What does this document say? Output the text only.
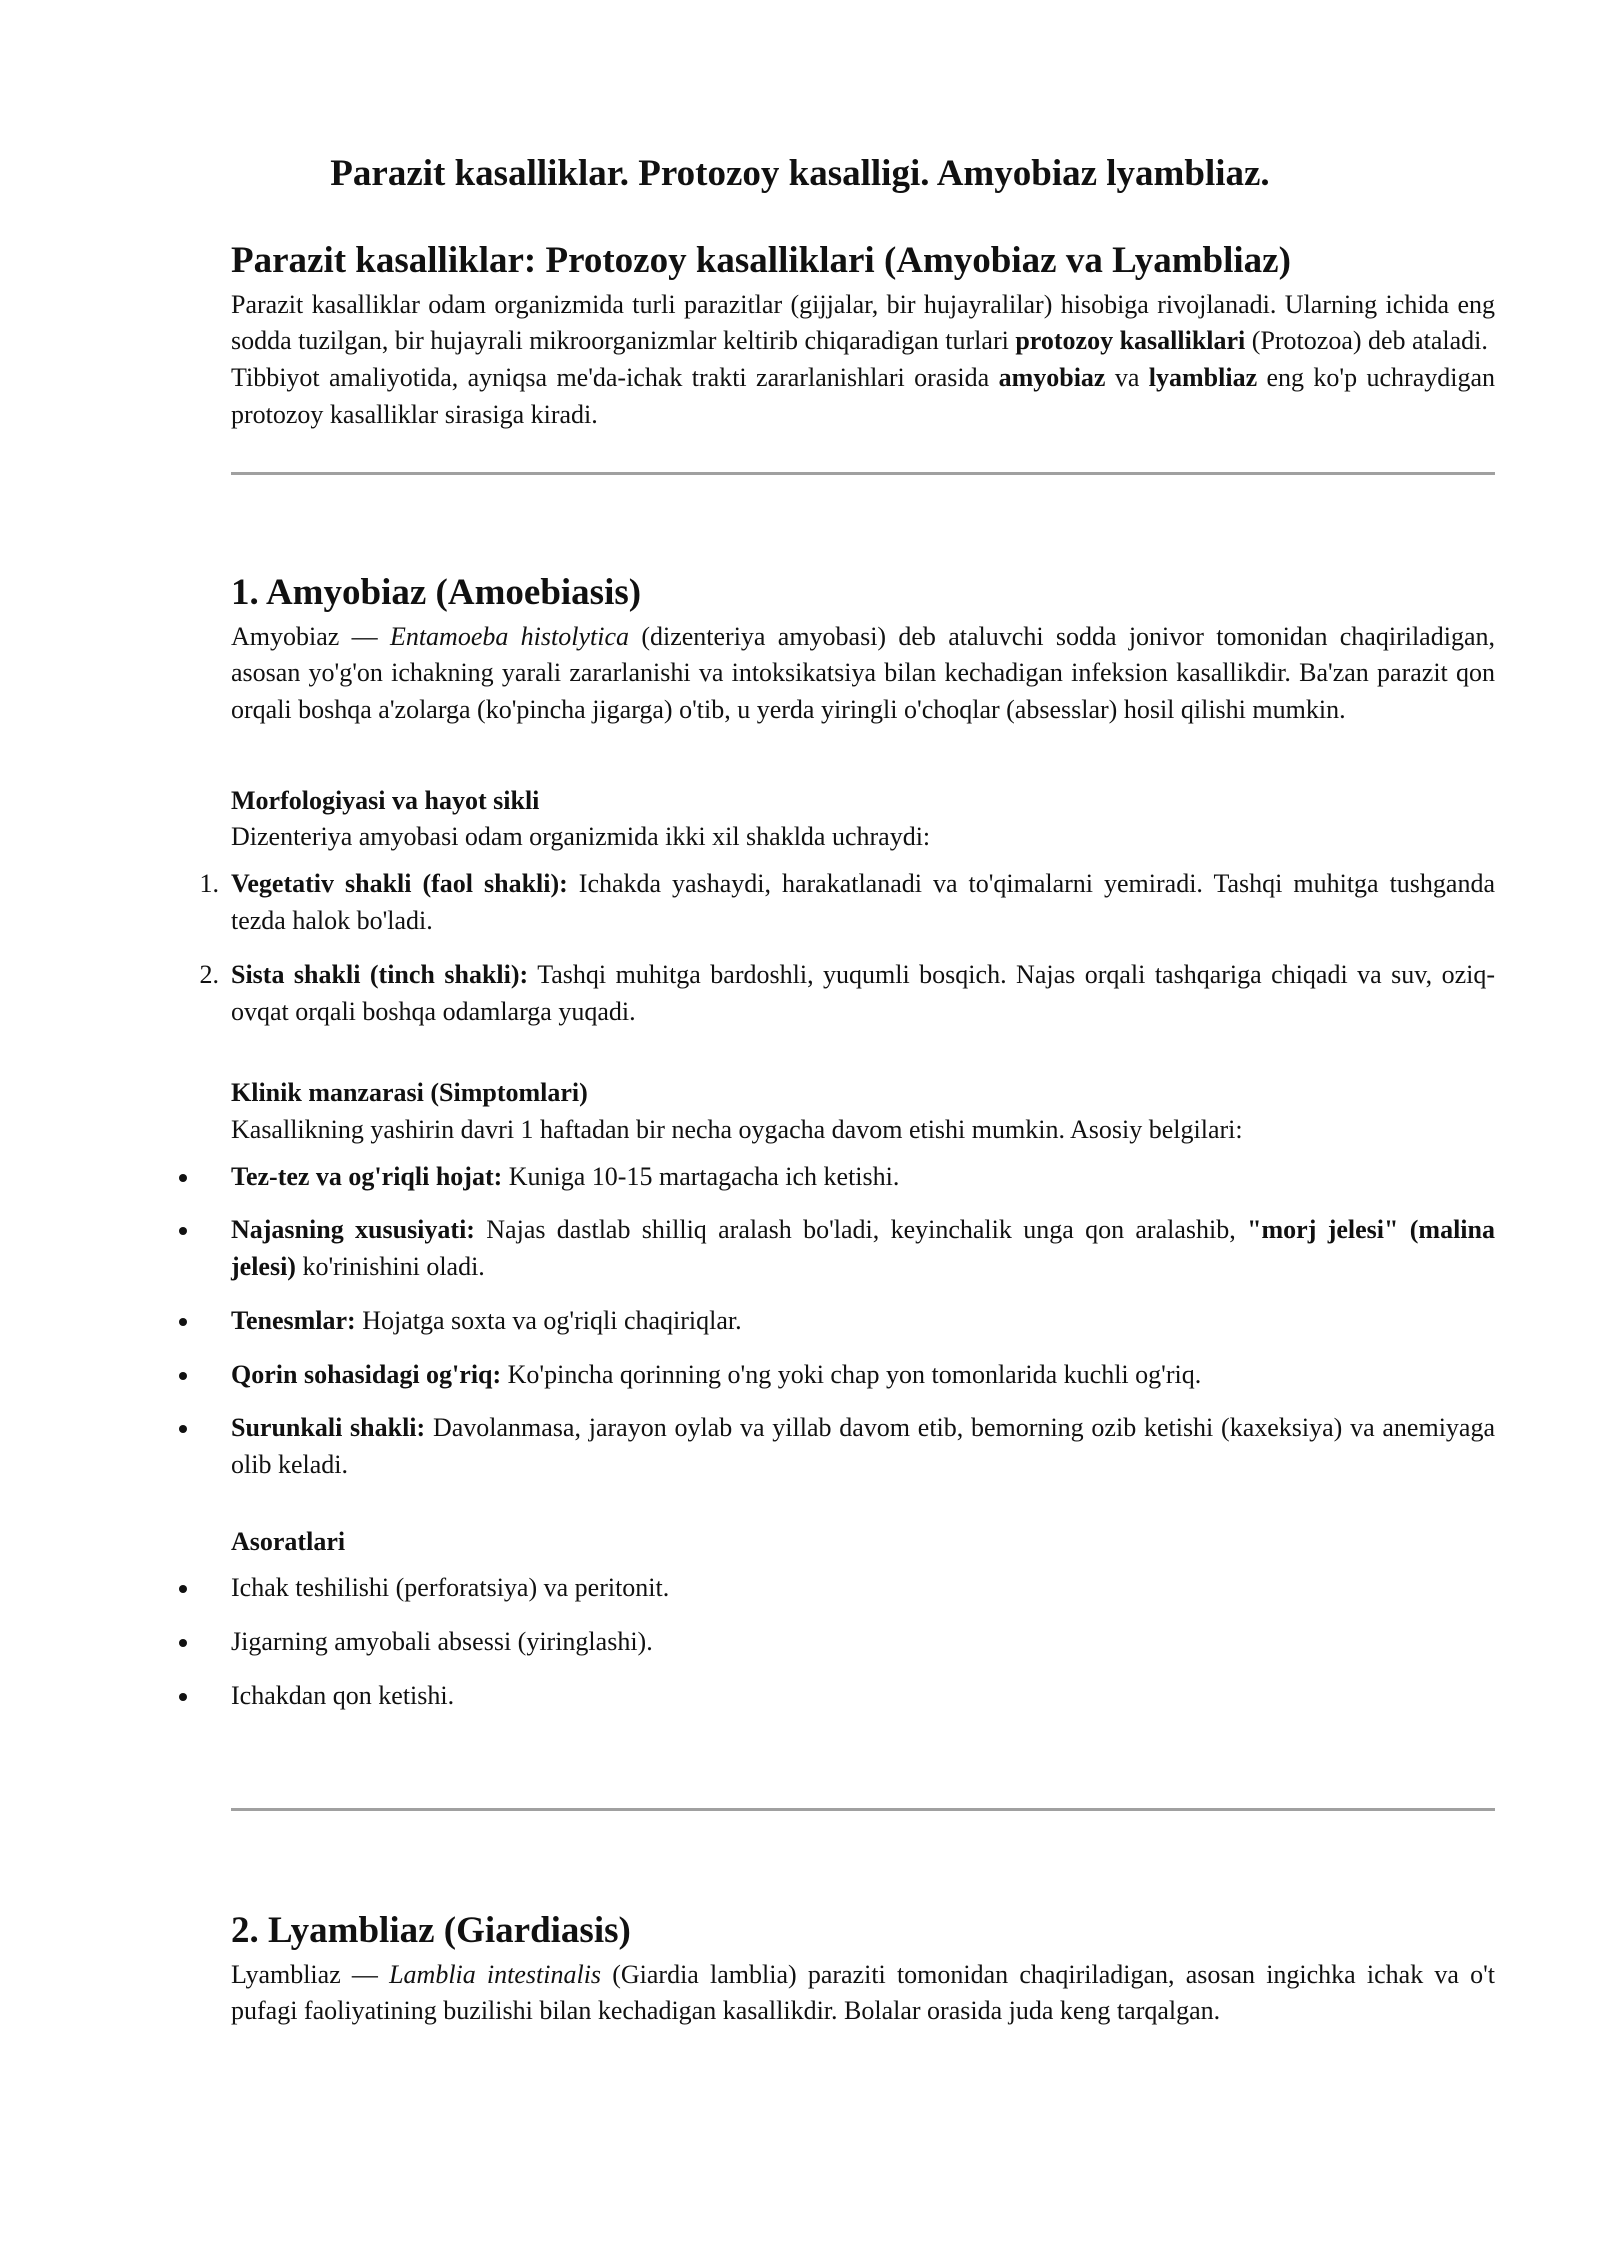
Parazit kasalliklar. Protozoy kasalligi. Amyobiaz lyambliaz.
Parazit kasalliklar: Protozoy kasalliklari (Amyobiaz va Lyambliaz)

Parazit kasalliklar odam organizmida turli parazitlar (gijjalar, bir hujayralilar) hisobiga rivojlanadi. Ularning ichida eng sodda tuzilgan, bir hujayrali mikroorganizmlar keltirib chiqaradigan turlari protozoy kasalliklari (Protozoa) deb ataladi.

Tibbiyot amaliyotida, ayniqsa me'da-ichak trakti zararlanishlari orasida amyobiaz va lyambliaz eng ko'p uchraydigan protozoy kasalliklar sirasiga kiradi.

1. Amyobiaz (Amoebiasis)

Amyobiaz — Entamoeba histolytica (dizenteriya amyobasi) deb ataluvchi sodda jonivor tomonidan chaqiriladigan, asosan yo'g'on ichakning yarali zararlanishi va intoksikatsiya bilan kechadigan infeksion kasallikdir. Ba'zan parazit qon orqali boshqa a'zolarga (ko'pincha jigarga) o'tib, u yerda yiringli o'choqlar (absesslar) hosil qilishi mumkin.

Morfologiyasi va hayot sikli

Dizenteriya amyobasi odam organizmida ikki xil shaklda uchraydi:

1. Vegetativ shakli (faol shakli): Ichakda yashaydi, harakatlanadi va to'qimalarni yemiradi. Tashqi muhitga tushganda tezda halok bo'ladi.
2. Sista shakli (tinch shakli): Tashqi muhitga bardoshli, yuqumli bosqich. Najas orqali tashqariga chiqadi va suv, oziq-ovqat orqali boshqa odamlarga yuqadi.
Klinik manzarasi (Simptomlari)

Kasallikning yashirin davri 1 haftadan bir necha oygacha davom etishi mumkin. Asosiy belgilari:

Tez-tez va og'riqli hojat: Kuniga 10-15 martagacha ich ketishi.
Najasning xususiyati: Najas dastlab shilliq aralash bo'ladi, keyinchalik unga qon aralashib, "morj jelesi" (malina jelesi) ko'rinishini oladi.
Tenesmlar: Hojatga soxta va og'riqli chaqiriqlar.
Qorin sohasidagi og'riq: Ko'pincha qorinning o'ng yoki chap yon tomonlarida kuchli og'riq.
Surunkali shakli: Davolanmasa, jarayon oylab va yillab davom etib, bemorning ozib ketishi (kaxeksiya) va anemiyaga olib keladi.
Asoratlari
Ichak teshilishi (perforatsiya) va peritonit.
Jigarning amyobali absessi (yiringlashi).
Ichakdan qon ketishi.
2. Lyambliaz (Giardiasis)

Lyambliaz — Lamblia intestinalis (Giardia lamblia) paraziti tomonidan chaqiriladigan, asosan ingichka ichak va o't pufagi faoliyatining buzilishi bilan kechadigan kasallikdir. Bolalar orasida juda keng tarqalgan.
